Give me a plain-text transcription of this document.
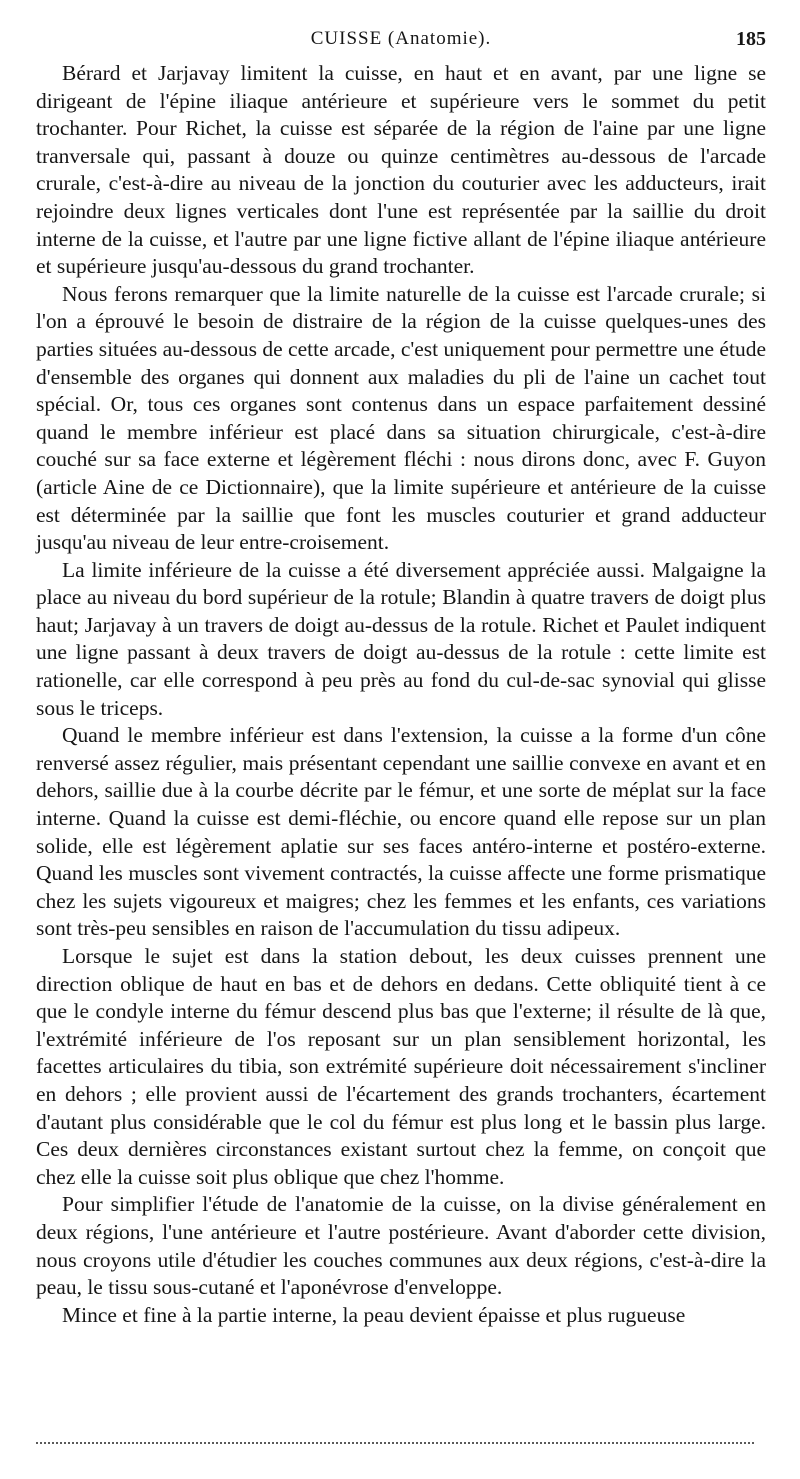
CUISSE (Anatomie).	185

Bérard et Jarjavay limitent la cuisse, en haut et en avant, par une ligne se dirigeant de l'épine iliaque antérieure et supérieure vers le sommet du petit trochanter. Pour Richet, la cuisse est séparée de la région de l'aine par une ligne tranversale qui, passant à douze ou quinze centimètres au-dessous de l'arcade crurale, c'est-à-dire au niveau de la jonction du couturier avec les adducteurs, irait rejoindre deux lignes verticales dont l'une est représentée par la saillie du droit interne de la cuisse, et l'autre par une ligne fictive allant de l'épine iliaque antérieure et supérieure jusqu'au-dessous du grand trochanter.

Nous ferons remarquer que la limite naturelle de la cuisse est l'arcade crurale; si l'on a éprouvé le besoin de distraire de la région de la cuisse quelques-unes des parties situées au-dessous de cette arcade, c'est uniquement pour permettre une étude d'ensemble des organes qui donnent aux maladies du pli de l'aine un cachet tout spécial. Or, tous ces organes sont contenus dans un espace parfaitement dessiné quand le membre inférieur est placé dans sa situation chirurgicale, c'est-à-dire couché sur sa face externe et légèrement fléchi : nous dirons donc, avec F. Guyon (article Aine de ce Dictionnaire), que la limite supérieure et antérieure de la cuisse est déterminée par la saillie que font les muscles couturier et grand adducteur jusqu'au niveau de leur entre-croisement.

La limite inférieure de la cuisse a été diversement appréciée aussi. Malgaigne la place au niveau du bord supérieur de la rotule; Blandin à quatre travers de doigt plus haut; Jarjavay à un travers de doigt au-dessus de la rotule. Richet et Paulet indiquent une ligne passant à deux travers de doigt au-dessus de la rotule : cette limite est rationelle, car elle correspond à peu près au fond du cul-de-sac synovial qui glisse sous le triceps.

Quand le membre inférieur est dans l'extension, la cuisse a la forme d'un cône renversé assez régulier, mais présentant cependant une saillie convexe en avant et en dehors, saillie due à la courbe décrite par le fémur, et une sorte de méplat sur la face interne. Quand la cuisse est demi-fléchie, ou encore quand elle repose sur un plan solide, elle est légèrement aplatie sur ses faces antéro-interne et postéro-externe. Quand les muscles sont vivement contractés, la cuisse affecte une forme prismatique chez les sujets vigoureux et maigres; chez les femmes et les enfants, ces variations sont très-peu sensibles en raison de l'accumulation du tissu adipeux.

Lorsque le sujet est dans la station debout, les deux cuisses prennent une direction oblique de haut en bas et de dehors en dedans. Cette obliquité tient à ce que le condyle interne du fémur descend plus bas que l'externe; il résulte de là que, l'extrémité inférieure de l'os reposant sur un plan sensiblement horizontal, les facettes articulaires du tibia, son extrémité supérieure doit nécessairement s'incliner en dehors ; elle provient aussi de l'écartement des grands trochanters, écartement d'autant plus considérable que le col du fémur est plus long et le bassin plus large. Ces deux dernières circonstances existant surtout chez la femme, on conçoit que chez elle la cuisse soit plus oblique que chez l'homme.

Pour simplifier l'étude de l'anatomie de la cuisse, on la divise généralement en deux régions, l'une antérieure et l'autre postérieure. Avant d'aborder cette division, nous croyons utile d'étudier les couches communes aux deux régions, c'est-à-dire la peau, le tissu sous-cutané et l'aponévrose d'enveloppe.

Mince et fine à la partie interne, la peau devient épaisse et plus rugueuse
